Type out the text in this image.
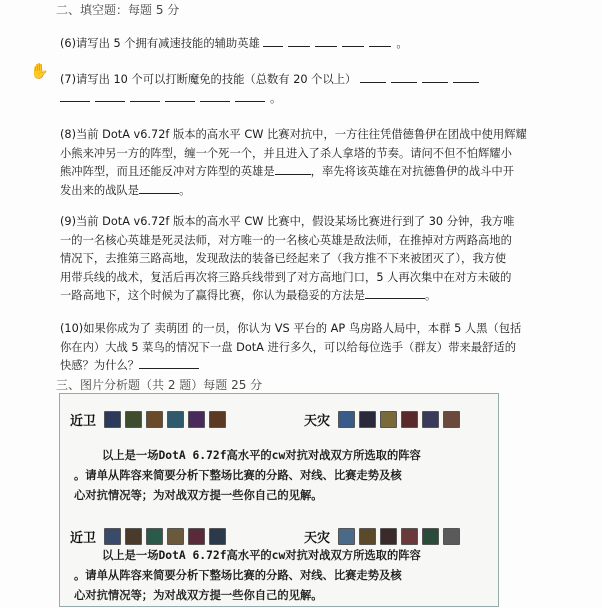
二、填空题：每题 5 分
✋
(6)请写出 5 个拥有减速技能的辅助英雄	。
(7)请写出 10 个可以打断魔免的技能（总数有 20 个以上）
。
(8)当前 DotA v6.72f 版本的高水平 CW 比赛对抗中，一方往往凭借德鲁伊在团战中使用辉耀
小熊来冲另一方的阵型，缠一个死一个，并且进入了杀人拿塔的节奏。请问不但不怕辉耀小
熊冲阵型，而且还能反冲对方阵型的英雄是	，率先将该英雄在对抗德鲁伊的战斗中开
发出来的战队是	。
(9)当前 DotA v6.72f 版本的高水平 CW 比赛中，假设某场比赛进行到了 30 分钟，我方唯
一的一名核心英雄是死灵法师，对方唯一的一名核心英雄是敌法师，在推掉对方两路高地的
情况下，去推第三路高地，发现敌法的装备已经起来了（我方推不下来被团灭了），我方使
用带兵线的战术，复活后再次将三路兵线带到了对方高地门口，5 人再次集中在对方未破的
一路高地下，这个时候为了赢得比赛，你认为最稳妥的方法是	。
(10)如果你成为了 卖萌团 的一员，你认为 VS 平台的 AP 鸟房路人局中，本群 5 人黑（包括
你在内）大战 5 菜鸟的情况下一盘 DotA 进行多久，可以给每位选手（群友）带来最舒适的
快感？为什么？
三、图片分析题（共 2 题）每题 25 分
近卫	天灾
以上是一场DotA 6.72f高水平的cw对抗对战双方所选取的阵容
。请单从阵容来简要分析下整场比赛的分路、对线、比赛走势及核
心对抗情况等；为对战双方提一些你自己的见解。
近卫	天灾
以上是一场DotA 6.72f高水平的cw对抗对战双方所选取的阵容
。请单从阵容来简要分析下整场比赛的分路、对线、比赛走势及核
心对抗情况等；为对战双方提一些你自己的见解。
